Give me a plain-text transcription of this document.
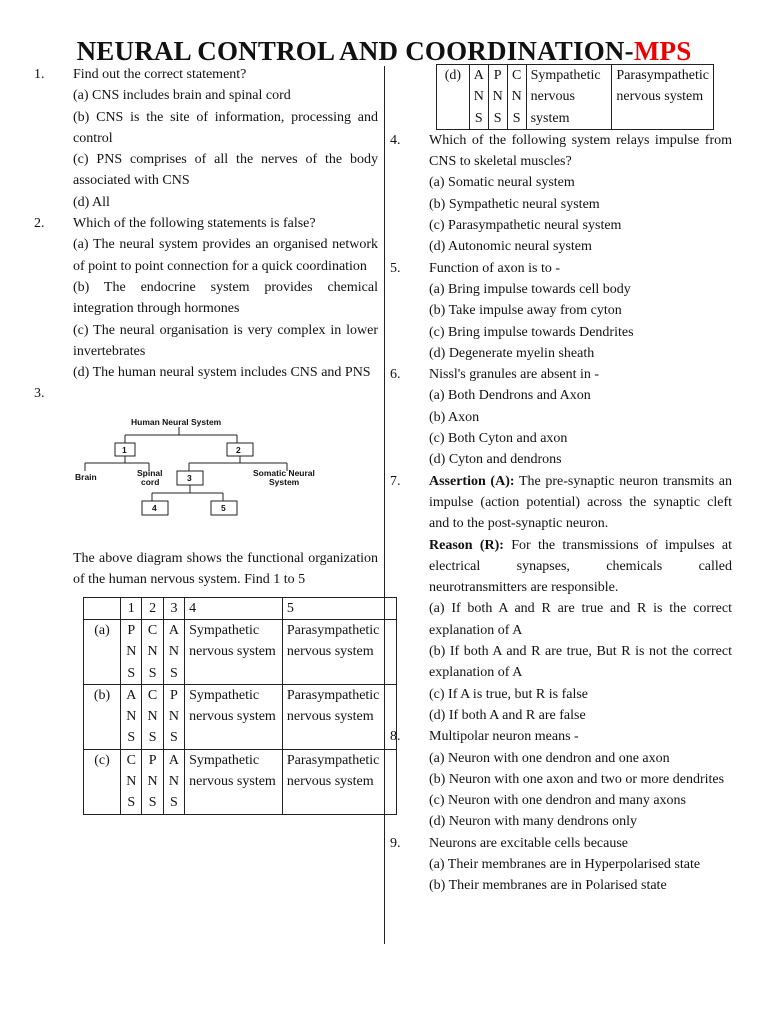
NEURAL CONTROL AND COORDINATION-MPS
1.	Find out the correct statement?
(a) CNS includes brain and spinal cord
(b) CNS is the site of information, processing and control
(c) PNS comprises of all the nerves of the body associated with CNS
(d) All
2.	Which of the following statements is false?
(a) The neural system provides an organised network of point to point connection for a quick coordination
(b) The endocrine system provides chemical integration through hormones
(c) The neural organisation is very complex in lower invertebrates
(d) The human neural system includes CNS and PNS
3.
Human Neural System
1	2
3
4	5
Brain	Spinal
cord
Somatic Neural
System
The above diagram shows the functional organization of the human nervous system. Find 1 to 5
	1	2	3	4	5
(a)	P N S	C N S	A N S	Sympathetic nervous system	Parasympathetic nervous system
(b)	A N S	C N S	P N S	Sympathetic nervous system	Parasympathetic nervous system
(c)	C N S	P N S	A N S	Sympathetic nervous system	Parasympathetic nervous system
(d)	A N S	P N S	C N S	Sympathetic nervous system	Parasympathetic nervous system
4.	Which of the following system relays impulse from CNS to skeletal muscles?
(a) Somatic neural system
(b) Sympathetic neural system
(c) Parasympathetic neural system
(d) Autonomic neural system
5.	Function of axon is to -
(a) Bring impulse towards cell body
(b) Take impulse away from cyton
(c) Bring impulse towards Dendrites
(d) Degenerate myelin sheath
6.	Nissl's granules are absent in -
(a) Both Dendrons and Axon
(b) Axon
(c) Both Cyton and axon
(d) Cyton and dendrons
7.	Assertion (A): The pre-synaptic neuron transmits an impulse (action potential) across the synaptic cleft and to the post-synaptic neuron.
Reason (R): For the transmissions of impulses at electrical synapses, chemicals called neurotransmitters are responsible.
(a) If both A and R are true and R is the correct explanation of A
(b) If both A and R are true, But R is not the correct explanation of A
(c) If A is true, but R is false
(d) If both A and R are false
8.	Multipolar neuron means -
(a) Neuron with one dendron and one axon
(b) Neuron with one axon and two or more dendrites
(c) Neuron with one dendron and many axons
(d) Neuron with many dendrons only
9.	Neurons are excitable cells because
(a) Their membranes are in Hyperpolarised state
(b) Their membranes are in Polarised state
